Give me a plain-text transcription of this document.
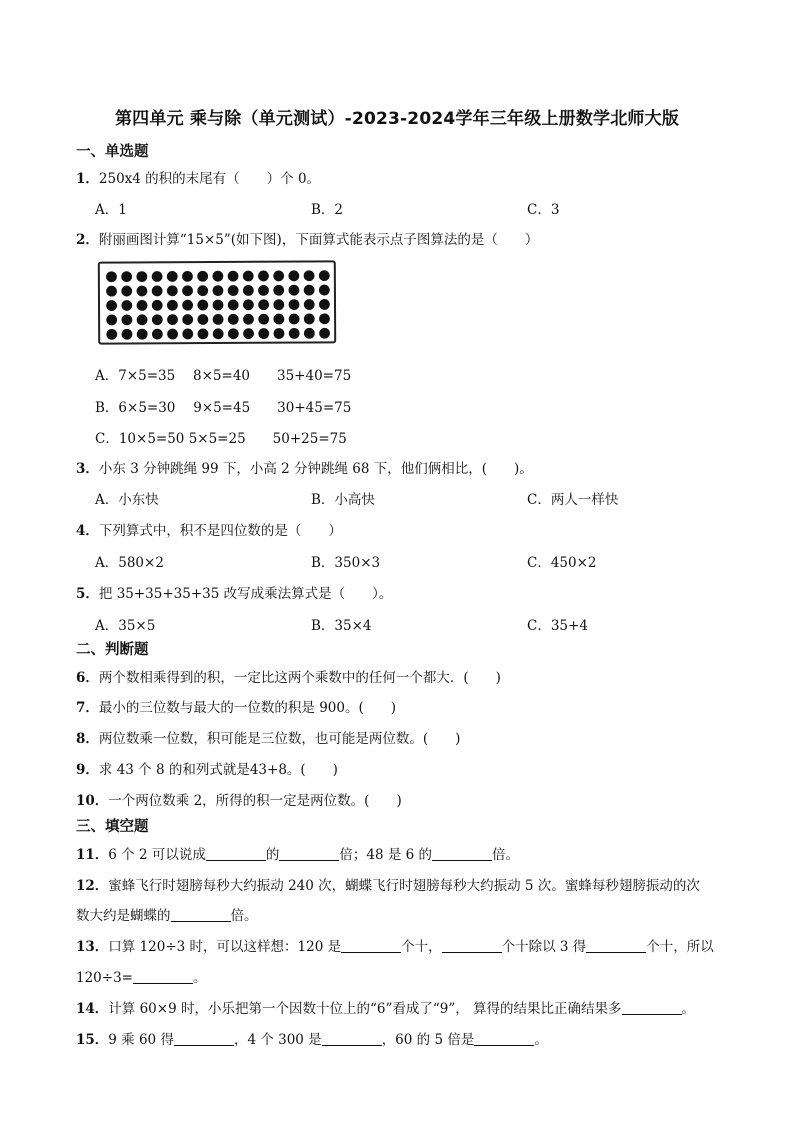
第四单元 乘与除（单元测试）-2023-2024学年三年级上册数学北师大版
一、单选题
1．250x4 的积的末尾有（　　）个 0。
A．1	B．2	C．3
2．附丽画图计算“15×5”(如下图)，下面算式能表示点子图算法的是（　　）
A．7×5=35　 8×5=40　　35+40=75
B．6×5=30　 9×5=45　　30+45=75
C．10×5=50 5×5=25　　50+25=75
3．小东 3 分钟跳绳 99 下，小高 2 分钟跳绳 68 下，他们俩相比，(　　)。
A．小东快	B．小高快	C．两人一样快
4．下列算式中，积不是四位数的是（　　）
A．580×2	B．350×3	C．450×2
5．把 35+35+35+35 改写成乘法算式是（　　）。
A．35×5	B．35×4	C．35+4
二、判断题
6．两个数相乘得到的积，一定比这两个乘数中的任何一个都大．(　　)
7．最小的三位数与最大的一位数的积是 900。(　　)
8．两位数乘一位数，积可能是三位数，也可能是两位数。(　　)
9．求 43 个 8 的和列式就是43+8。(　　)
10．一个两位数乘 2，所得的积一定是两位数。(　　)
三、填空题
11．6 个 2 可以说成	的	倍；48 是 6 的	倍。
12．蜜蜂飞行时翅膀每秒大约振动 240 次，蝴蝶飞行时翅膀每秒大约振动 5 次。蜜蜂每秒翅膀振动的次
数大约是蝴蝶的	倍。
13．口算 120÷3 时，可以这样想：120 是	个十，	个十除以 3 得	个十，所以
120÷3=	。
14．计算 60×9 时，小乐把第一个因数十位上的“6”看成了“9”， 算得的结果比正确结果多	。
15．9 乘 60 得	，4 个 300 是	，60 的 5 倍是	。
